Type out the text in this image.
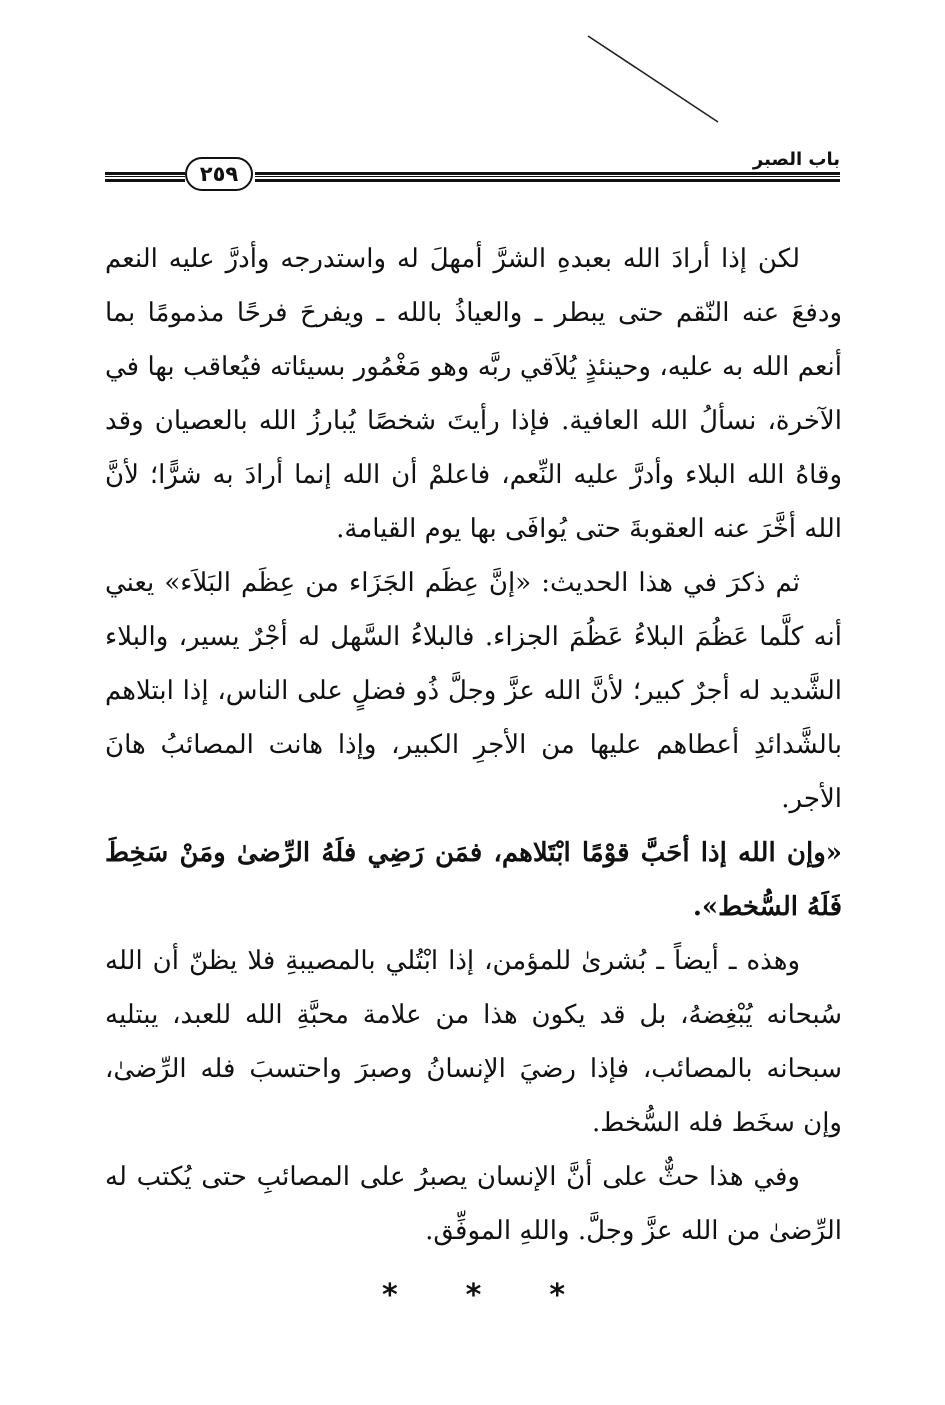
باب الصبر
٢٥٩

لكن إذا أرادَ الله بعبدهِ الشرَّ أمهلَ له واستدرجه وأدرَّ عليه النعم ودفعَ عنه النّقم حتى يبطر ـ والعياذُ بالله ـ ويفرحَ فرحًا مذمومًا بما أنعم الله به عليه، وحينئذٍ يُلاَقي ربَّه وهو مَغْمُور بسيئاته فيُعاقب بها في الآخرة، نسألُ الله العافية. فإذا رأيتَ شخصًا يُبارزُ الله بالعصيان وقد وقاهُ الله البلاء وأدرَّ عليه النِّعم، فاعلمْ أن الله إنما أرادَ به شرًّا؛ لأنَّ الله أخَّرَ عنه العقوبةَ حتى يُوافَى بها يوم القيامة.

ثم ذكرَ في هذا الحديث: «إنَّ عِظَم الجَزَاء من عِظَم البَلاَء» يعني أنه كلَّما عَظُمَ البلاءُ عَظُمَ الجزاء. فالبلاءُ السَّهل له أجْرٌ يسير، والبلاء الشَّديد له أجرٌ كبير؛ لأنَّ الله عزَّ وجلَّ ذُو فضلٍ على الناس، إذا ابتلاهم بالشَّدائدِ أعطاهم عليها من الأجرِ الكبير، وإذا هانت المصائبُ هانَ الأجر.

«وإن الله إذا أحَبَّ قوْمًا ابْتَلاهم، فمَن رَضِي فلَهُ الرِّضىٰ ومَنْ سَخِطَ فَلَهُ السُّخط».

وهذه ـ أيضاً ـ بُشرىٰ للمؤمن، إذا ابْتُلي بالمصيبةِ فلا يظنّ أن الله سُبحانه يُبْغِضهُ، بل قد يكون هذا من علامة محبَّةِ الله للعبد، يبتليه سبحانه بالمصائب، فإذا رضيَ الإنسانُ وصبرَ واحتسبَ فله الرِّضىٰ، وإن سخَط فله السُّخط.

وفي هذا حثٌّ على أنَّ الإنسان يصبرُ على المصائبِ حتى يُكتب له الرِّضىٰ من الله عزَّ وجلَّ. واللهِ الموفِّق.

* * *
